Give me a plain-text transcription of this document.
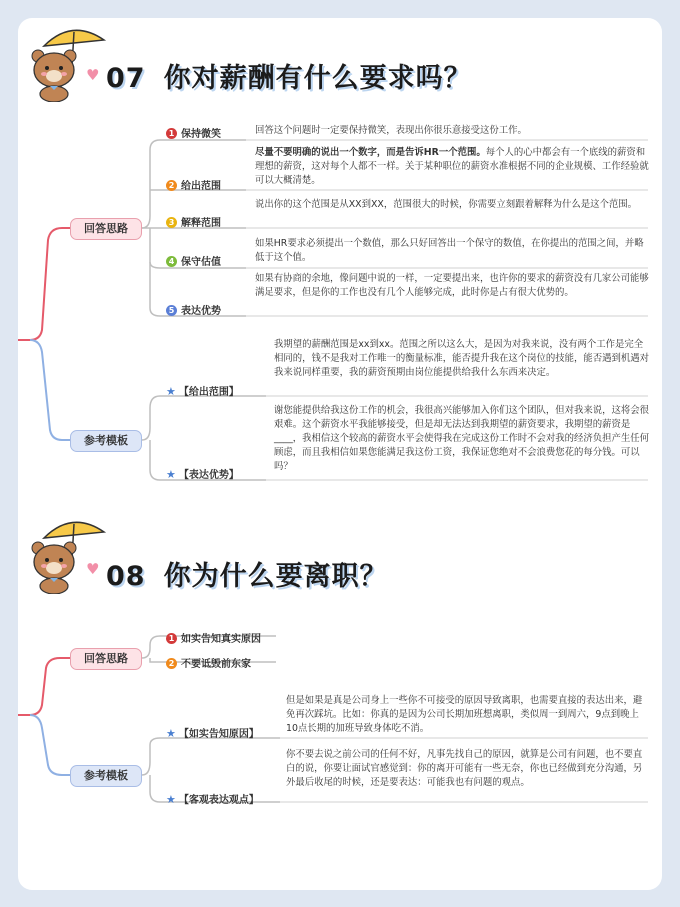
♥ 07 你对薪酬有什么要求吗？
回答思路
参考模板
1 保持微笑	回答这个问题时一定要保持微笑，表现出你很乐意接受这份工作。
2 给出范围
尽量不要明确的说出一个数字，而是告诉HR一个范围。每个人的心中都会有一个底线的薪资和理想的薪资，这对每个人都不一样。关于某种职位的薪资水准根据不同的企业规模、工作经验就可以大概清楚。
3 解释范围
说出你的这个范围是从XX到XX，范围很大的时候，你需要立刻跟着解释为什么是这个范围。
4 保守估值
如果HR要求必须提出一个数值，那么只好回答出一个保守的数值，在你提出的范围之间，并略低于这个值。
5 表达优势
如果有协商的余地，像问题中说的一样，一定要提出来，也许你的要求的薪资没有几家公司能够满足要求，但是你的工作也没有几个人能够完成，此时你是占有很大优势的。
★ 【给出范围】
我期望的薪酬范围是xx到xx。范围之所以这么大，是因为对我来说，没有两个工作是完全相同的，钱不是我对工作唯一的衡量标准，能否提升我在这个岗位的技能，能否遇到机遇对我来说同样重要，我的薪资预期由岗位能提供给我什么东西来决定。
★ 【表达优势】
谢您能提供给我这份工作的机会，我很高兴能够加入你们这个团队，但对我来说，这将会很艰难。这个薪资水平我能够接受，但是却无法达到我期望的薪资要求，我期望的薪资是____，我相信这个较高的薪资水平会使得我在完成这份工作时不会对我的经济负担产生任何顾虑，而且我相信如果您能满足我这份工资，我保证您绝对不会浪费您花的每分钱。可以吗？
♥ 08 你为什么要离职？
回答思路
参考模板
1 如实告知真实原因
2 不要诋毁前东家
★ 【如实告知原因】
但是如果是真是公司身上一些你不可接受的原因导致离职，也需要直接的表达出来，避免再次踩坑。比如：你真的是因为公司长期加班想离职，类似周一到周六，9点到晚上10点长期的加班导致身体吃不消。
★ 【客观表达观点】
你不要去说之前公司的任何不好，凡事先找自己的原因，就算是公司有问题，也不要直白的说，你要让面试官感觉到：你的离开可能有一些无奈，你也已经做到充分沟通，另外最后收尾的时候，还是要表达：可能我也有问题的观点。
